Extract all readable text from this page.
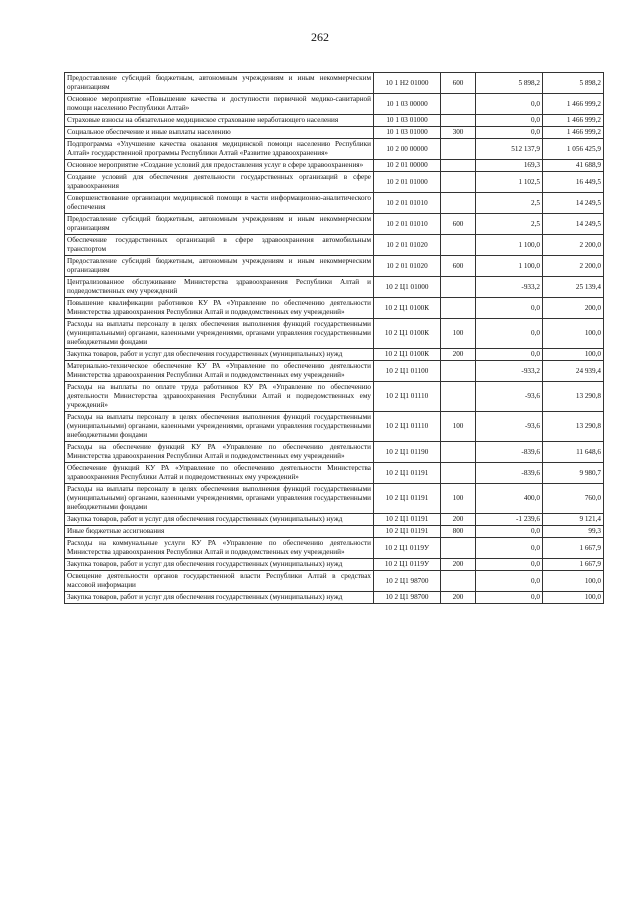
262
Предоставление субсидий бюджетным, автономным учреждениям и иным некоммерческим организациям	10 1 Н2 01000	600	5 898,2	5 898,2
Основное мероприятие «Повышение качества и доступности первичной медико-санитарной помощи населению Республики Алтай»	10 1 03 00000		0,0	1 466 999,2
Страховые взносы на обязательное медицинское страхование неработающего населения	10 1 03 01000		0,0	1 466 999,2
Социальное обеспечение и иные выплаты населению	10 1 03 01000	300	0,0	1 466 999,2
Подпрограмма «Улучшение качества оказания медицинской помощи населению Республики Алтай» государственной программы Республики Алтай «Развитие здравоохранения»	10 2 00 00000		512 137,9	1 056 425,9
Основное мероприятие «Создание условий для предоставления услуг в сфере здравоохранения»	10 2 01 00000		169,3	41 688,9
Создание условий для обеспечения деятельности государственных организаций в сфере здравоохранения	10 2 01 01000		1 102,5	16 449,5
Совершенствование организации медицинской помощи в части информационно-аналитического обеспечения	10 2 01 01010		2,5	14 249,5
Предоставление субсидий бюджетным, автономным учреждениям и иным некоммерческим организациям	10 2 01 01010	600	2,5	14 249,5
Обеспечение государственных организаций в сфере здравоохранения автомобильным транспортом	10 2 01 01020		1 100,0	2 200,0
Предоставление субсидий бюджетным, автономным учреждениям и иным некоммерческим организациям	10 2 01 01020	600	1 100,0	2 200,0
Централизованное обслуживание Министерства здравоохранения Республики Алтай и подведомственных ему учреждений	10 2 Ц1 01000		-933,2	25 139,4
Повышение квалификации работников КУ РА «Управление по обеспечению деятельности Министерства здравоохранения Республики Алтай и подведомственных ему учреждений»	10 2 Ц1 0100К		0,0	200,0
Расходы на выплаты персоналу в целях обеспечения выполнения функций государственными (муниципальными) органами, казенными учреждениями, органами управления государственными внебюджетными фондами	10 2 Ц1 0100К	100	0,0	100,0
Закупка товаров, работ и услуг для обеспечения государственных (муниципальных) нужд	10 2 Ц1 0100К	200	0,0	100,0
Материально-техническое обеспечение КУ РА «Управление по обеспечению деятельности Министерства здравоохранения Республики Алтай и подведомственных ему учреждений»	10 2 Ц1 01100		-933,2	24 939,4
Расходы на выплаты по оплате труда работников КУ РА «Управление по обеспечению деятельности Министерства здравоохранения Республики Алтай и подведомственных ему учреждений»	10 2 Ц1 01110		-93,6	13 290,8
Расходы на выплаты персоналу в целях обеспечения выполнения функций государственными (муниципальными) органами, казенными учреждениями, органами управления государственными внебюджетными фондами	10 2 Ц1 01110	100	-93,6	13 290,8
Расходы на обеспечение функций КУ РА «Управление по обеспечению деятельности Министерства здравоохранения Республики Алтай и подведомственных ему учреждений»	10 2 Ц1 01190		-839,6	11 648,6
Обеспечение функций КУ РА «Управление по обеспечению деятельности Министерства здравоохранения Республики Алтай и подведомственных ему учреждений»	10 2 Ц1 01191		-839,6	9 980,7
Расходы на выплаты персоналу в целях обеспечения выполнения функций государственными (муниципальными) органами, казенными учреждениями, органами управления государственными внебюджетными фондами	10 2 Ц1 01191	100	400,0	760,0
Закупка товаров, работ и услуг для обеспечения государственных (муниципальных) нужд	10 2 Ц1 01191	200	-1 239,6	9 121,4
Иные бюджетные ассигнования	10 2 Ц1 01191	800	0,0	99,3
Расходы на коммунальные услуги КУ РА «Управление по обеспечению деятельности Министерства здравоохранения Республики Алтай и подведомственных ему учреждений»	10 2 Ц1 0119У		0,0	1 667,9
Закупка товаров, работ и услуг для обеспечения государственных (муниципальных) нужд	10 2 Ц1 0119У	200	0,0	1 667,9
Освещение деятельности органов государственной власти Республики Алтай в средствах массовой информации	10 2 Ц1 98700		0,0	100,0
Закупка товаров, работ и услуг для обеспечения государственных (муниципальных) нужд	10 2 Ц1 98700	200	0,0	100,0
